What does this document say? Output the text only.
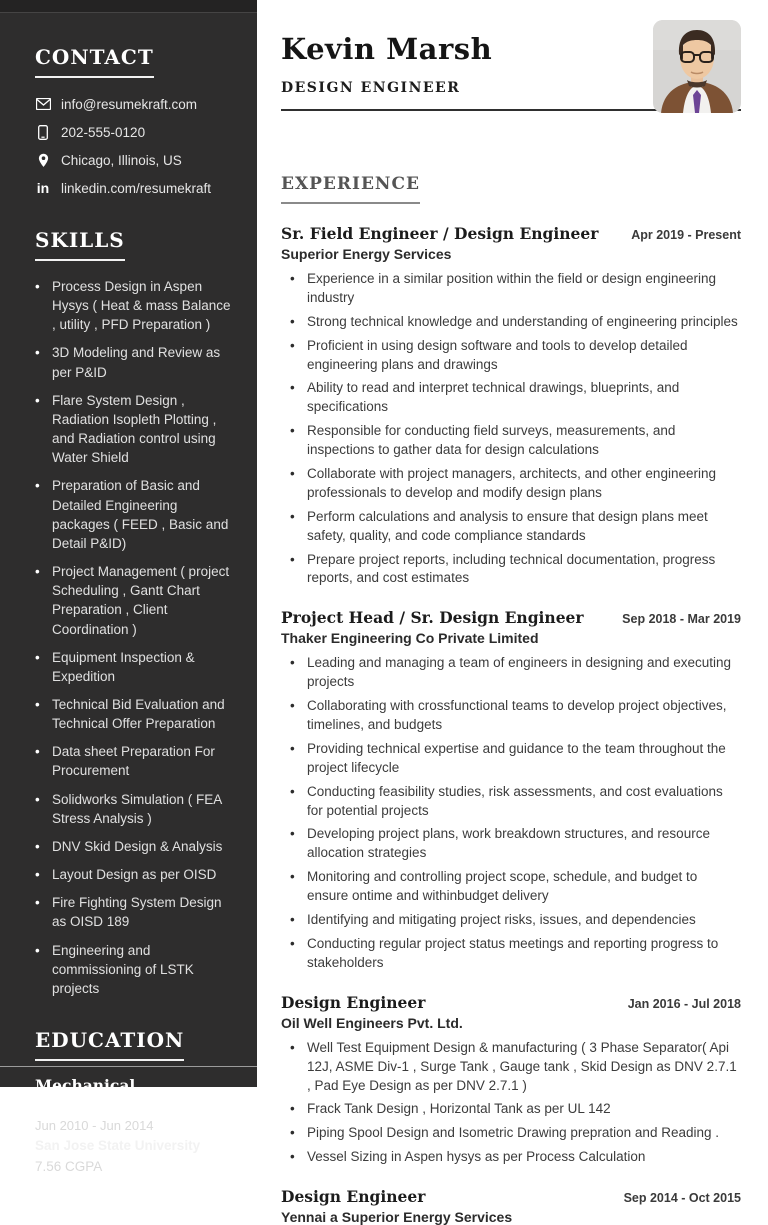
CONTACT
info@resumekraft.com
202-555-0120
Chicago, Illinois, US
in linkedin.com/resumekraft
SKILLS
• Process Design in Aspen Hysys ( Heat & mass Balance , utility , PFD Preparation )
• 3D Modeling and Review as per P&ID
• Flare System Design , Radiation Isopleth Plotting , and Radiation control using Water Shield
• Preparation of Basic and Detailed Engineering packages ( FEED , Basic and Detail P&ID)
• Project Management ( project Scheduling , Gantt Chart Preparation , Client Coordination )
• Equipment Inspection & Expedition
• Technical Bid Evaluation and Technical Offer Preparation
• Data sheet Preparation For Procurement
• Solidworks Simulation ( FEA Stress Analysis )
• DNV Skid Design & Analysis
• Layout Design as per OISD
• Fire Fighting System Design as OISD 189
• Engineering and commissioning of LSTK projects
EDUCATION
Mechanical Engineering
Jun 2010 - Jun 2014
San Jose State University
7.56 CGPA
Kevin Marsh
DESIGN ENGINEER
EXPERIENCE
Sr. Field Engineer / Design Engineer	Apr 2019 - Present
Superior Energy Services
• Experience in a similar position within the field or design engineering industry
• Strong technical knowledge and understanding of engineering principles
• Proficient in using design software and tools to develop detailed engineering plans and drawings
• Ability to read and interpret technical drawings, blueprints, and specifications
• Responsible for conducting field surveys, measurements, and inspections to gather data for design calculations
• Collaborate with project managers, architects, and other engineering professionals to develop and modify design plans
• Perform calculations and analysis to ensure that design plans meet safety, quality, and code compliance standards
• Prepare project reports, including technical documentation, progress reports, and cost estimates
Project Head / Sr. Design Engineer	Sep 2018 - Mar 2019
Thaker Engineering Co Private Limited
• Leading and managing a team of engineers in designing and executing projects
• Collaborating with crossfunctional teams to develop project objectives, timelines, and budgets
• Providing technical expertise and guidance to the team throughout the project lifecycle
• Conducting feasibility studies, risk assessments, and cost evaluations for potential projects
• Developing project plans, work breakdown structures, and resource allocation strategies
• Monitoring and controlling project scope, schedule, and budget to ensure ontime and withinbudget delivery
• Identifying and mitigating project risks, issues, and dependencies
• Conducting regular project status meetings and reporting progress to stakeholders
Design Engineer	Jan 2016 - Jul 2018
Oil Well Engineers Pvt. Ltd.
• Well Test Equipment Design & manufacturing ( 3 Phase Separator( Api 12J, ASME Div-1 , Surge Tank , Gauge tank , Skid Design as DNV 2.7.1 , Pad Eye Design as per DNV 2.7.1 )
• Frack Tank Design , Horizontal Tank as per UL 142
• Piping Spool Design and Isometric Drawing prepration and Reading .
• Vessel Sizing in Aspen hysys as per Process Calculation
Design Engineer	Sep 2014 - Oct 2015
Yennai a Superior Energy Services
